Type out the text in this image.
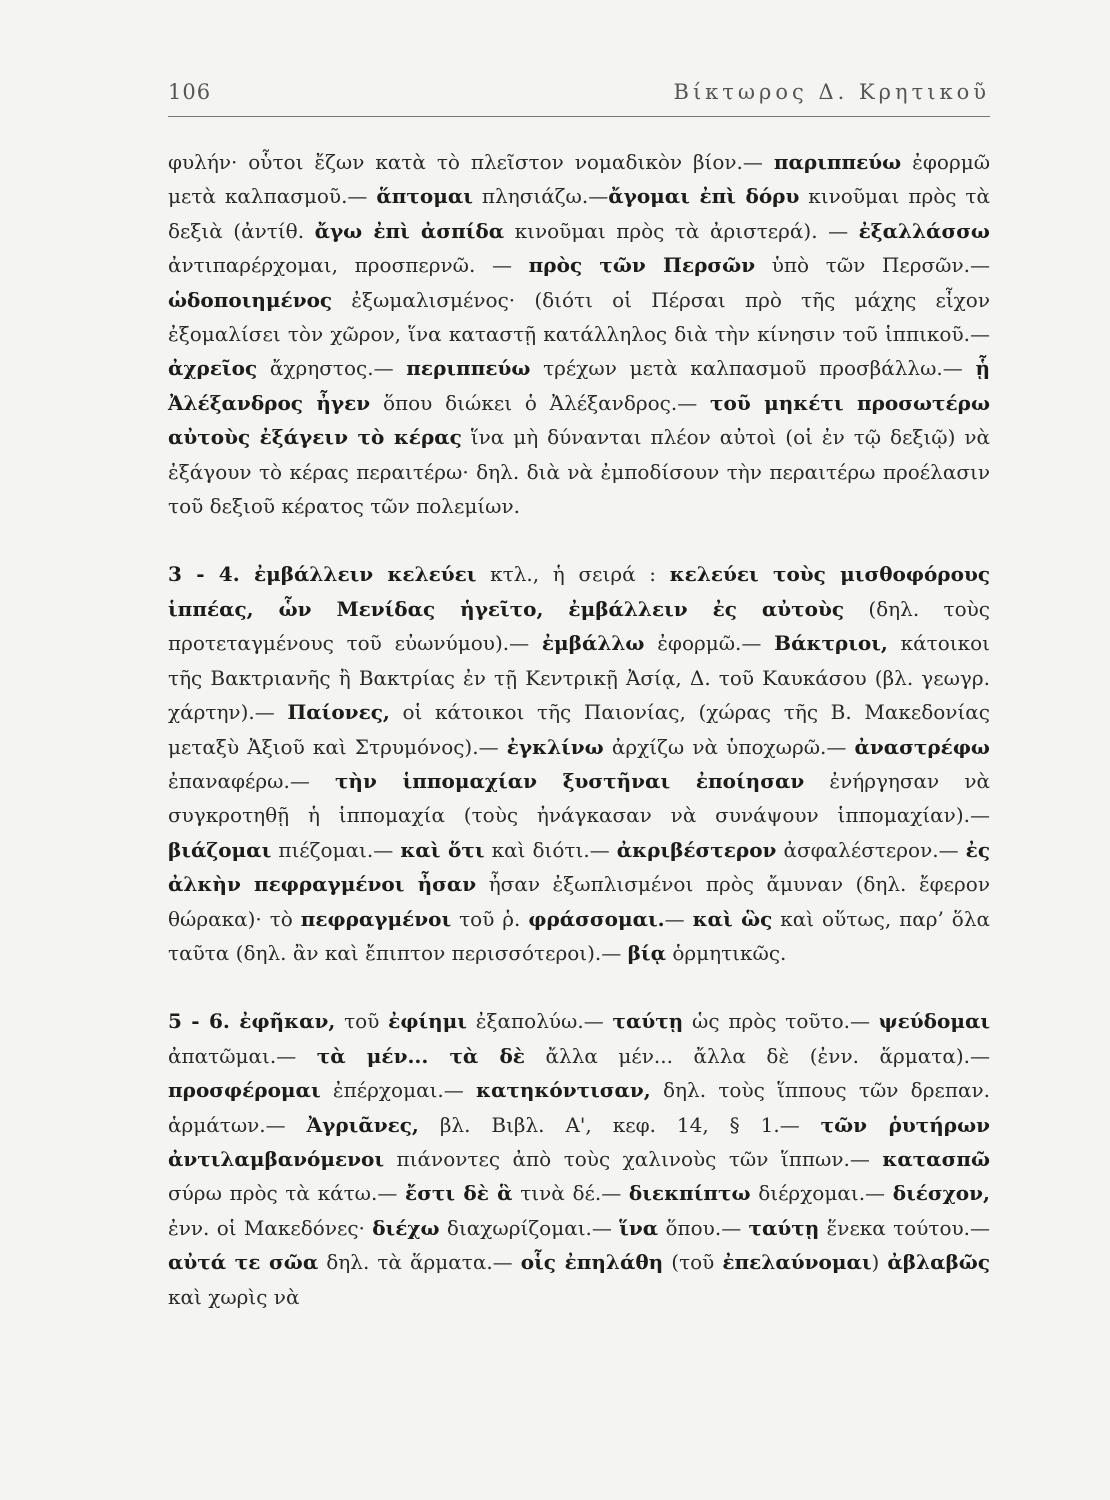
106	Βίκτωρος Δ. Κρητικοῦ

φυλήν· οὗτοι ἔζων κατὰ τὸ πλεῖστον νομαδικὸν βίον.— παριππεύω ἐφορμῶ μετὰ καλπασμοῦ.— ἅπτομαι πλησιάζω.—ἄγομαι ἐπὶ δόρυ κινοῦμαι πρὸς τὰ δεξιὰ (ἀντίθ. ἄγω ἐπὶ ἀσπίδα κινοῦμαι πρὸς τὰ ἀριστερά). — ἐξαλλάσσω ἀντιπαρέρχομαι, προσπερνῶ. — πρὸς τῶν Περσῶν ὑπὸ τῶν Περσῶν.— ὡδοποιημένος ἐξωμαλισμένος· (διότι οἱ Πέρσαι πρὸ τῆς μάχης εἶχον ἐξομαλίσει τὸν χῶρον, ἵνα καταστῇ κατάλληλος διὰ τὴν κίνησιν τοῦ ἱππικοῦ.— ἀχρεῖος ἄχρηστος.— περιππεύω τρέχων μετὰ καλπασμοῦ προσβάλλω.— ᾗ Ἀλέξανδρος ἦγεν ὅπου διώκει ὁ Ἀλέξανδρος.— τοῦ μηκέτι προσωτέρω αὐτοὺς ἐξάγειν τὸ κέρας ἵνα μὴ δύνανται πλέον αὐτοὶ (οἱ ἐν τῷ δεξιῷ) νὰ ἐξάγουν τὸ κέρας περαιτέρω· δηλ. διὰ νὰ ἐμποδίσουν τὴν περαιτέρω προέλασιν τοῦ δεξιοῦ κέρατος τῶν πολεμίων.

3 - 4. ἐμβάλλειν κελεύει κτλ., ἡ σειρά : κελεύει τοὺς μισθοφόρους ἱππέας, ὧν Μενίδας ἡγεῖτο, ἐμβάλλειν ἐς αὐτοὺς (δηλ. τοὺς προτεταγμένους τοῦ εὐωνύμου).— ἐμβάλλω ἐφορμῶ.— Βάκτριοι, κάτοικοι τῆς Βακτριανῆς ἢ Βακτρίας ἐν τῇ Κεντρικῇ Ἀσίᾳ, Δ. τοῦ Καυκάσου (βλ. γεωγρ. χάρτην).— Παίονες, οἱ κάτοικοι τῆς Παιονίας, (χώρας τῆς Β. Μακεδονίας μεταξὺ Ἀξιοῦ καὶ Στρυμόνος).— ἐγκλίνω ἀρχίζω νὰ ὑποχωρῶ.— ἀναστρέφω ἐπαναφέρω.— τὴν ἱππομαχίαν ξυστῆναι ἐποίησαν ἐνήργησαν νὰ συγκροτηθῇ ἡ ἱππομαχία (τοὺς ἠνάγκασαν νὰ συνάψουν ἱππομαχίαν).— βιάζομαι πιέζομαι.— καὶ ὅτι καὶ διότι.— ἀκριβέστερον ἀσφαλέστερον.— ἐς ἀλκὴν πεφραγμένοι ἦσαν ἦσαν ἐξωπλισμένοι πρὸς ἄμυναν (δηλ. ἔφερον θώρακα)· τὸ πεφραγμένοι τοῦ ῥ. φράσσομαι.— καὶ ὣς καὶ οὕτως, παρ’ ὅλα ταῦτα (δηλ. ἂν καὶ ἔπιπτον περισσότεροι).— βίᾳ ὁρμητικῶς.

5 - 6. ἐφῆκαν, τοῦ ἐφίημι ἐξαπολύω.— ταύτῃ ὡς πρὸς τοῦτο.— ψεύδομαι ἀπατῶμαι.— τὰ μέν... τὰ δὲ ἄλλα μέν... ἄλλα δὲ (ἐνν. ἅρματα).— προσφέρομαι ἐπέρχομαι.— κατηκόντισαν, δηλ. τοὺς ἵππους τῶν δρεπαν. ἁρμάτων.— Ἀγριᾶνες, βλ. Βιβλ. Α', κεφ. 14, § 1.— τῶν ῥυτήρων ἀντιλαμβανόμενοι πιάνοντες ἀπὸ τοὺς χαλινοὺς τῶν ἵππων.— κατασπῶ σύρω πρὸς τὰ κάτω.— ἔστι δὲ ἃ τινὰ δέ.— διεκπίπτω διέρχομαι.— διέσχον, ἐνν. οἱ Μακεδόνες· διέχω διαχωρίζομαι.— ἵνα ὅπου.— ταύτῃ ἕνεκα τούτου.— αὐτά τε σῶα δηλ. τὰ ἅρματα.— οἷς ἐπηλάθη (τοῦ ἐπελαύνομαι) ἀβλαβῶς καὶ χωρὶς νὰ
